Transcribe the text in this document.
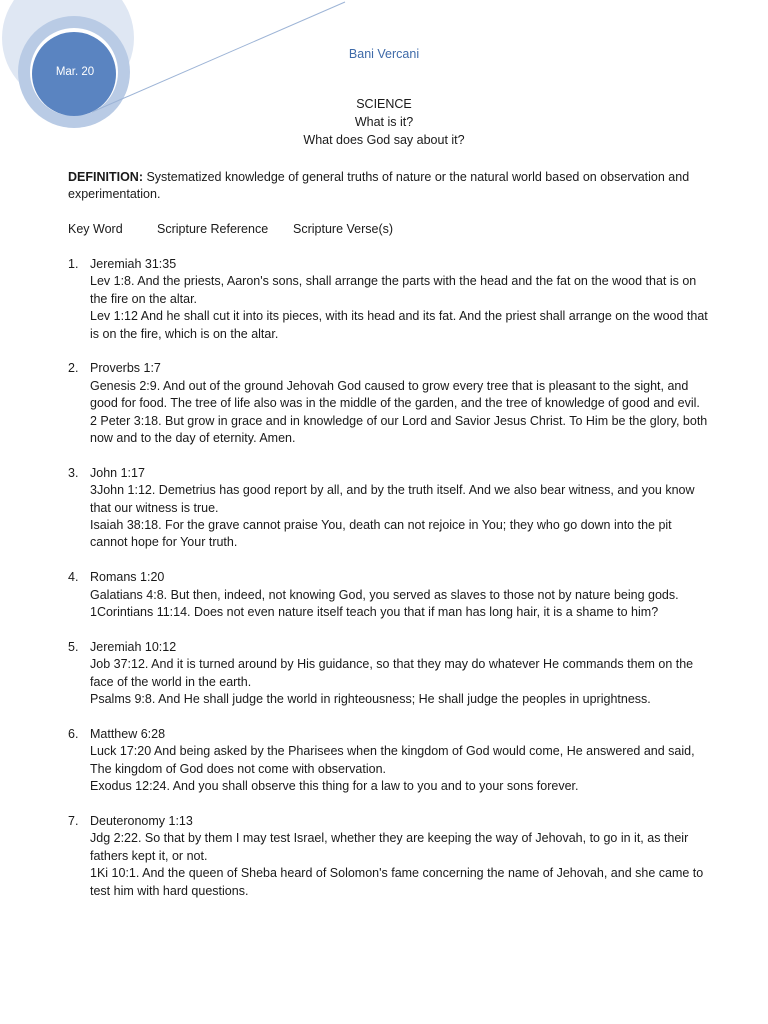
Mar. 20
Bani Vercani
SCIENCE
What is it?
What does God say about it?
DEFINITION: Systematized knowledge of general truths of nature or the natural world based on observation and experimentation.
Key Word	Scripture Reference Scripture Verse(s)
1. Jeremiah 31:35

Lev 1:8. And the priests, Aaron's sons, shall arrange the parts with the head and the fat on the wood that is on the fire on the altar.

Lev 1:12 And he shall cut it into its pieces, with its head and its fat. And the priest shall arrange on the wood that is on the fire, which is on the altar.

2. Proverbs 1:7

Genesis 2:9. And out of the ground Jehovah God caused to grow every tree that is pleasant to the sight, and good for food. The tree of life also was in the middle of the garden, and the tree of knowledge of good and evil.

2 Peter 3:18. But grow in grace and in knowledge of our Lord and Savior Jesus Christ. To Him be the glory, both now and to the day of eternity. Amen.

3. John 1:17

3John 1:12. Demetrius has good report by all, and by the truth itself. And we also bear witness, and you know that our witness is true.

Isaiah 38:18. For the grave cannot praise You, death can not rejoice in You; they who go down into the pit cannot hope for Your truth.

4. Romans 1:20

Galatians 4:8. But then, indeed, not knowing God, you served as slaves to those not by nature being gods.

1Corintians 11:14. Does not even nature itself teach you that if man has long hair, it is a shame to him?

5. Jeremiah 10:12

Job 37:12. And it is turned around by His guidance, so that they may do whatever He commands them on the face of the world in the earth.

Psalms 9:8. And He shall judge the world in righteousness; He shall judge the peoples in uprightness.

6. Matthew 6:28

Luck 17:20 And being asked by the Pharisees when the kingdom of God would come, He answered and said, The kingdom of God does not come with observation.

Exodus 12:24. And you shall observe this thing for a law to you and to your sons forever.

7. Deuteronomy 1:13

Jdg 2:22. So that by them I may test Israel, whether they are keeping the way of Jehovah, to go in it, as their fathers kept it, or not.

1Ki 10:1. And the queen of Sheba heard of Solomon's fame concerning the name of Jehovah, and she came to test him with hard questions.
